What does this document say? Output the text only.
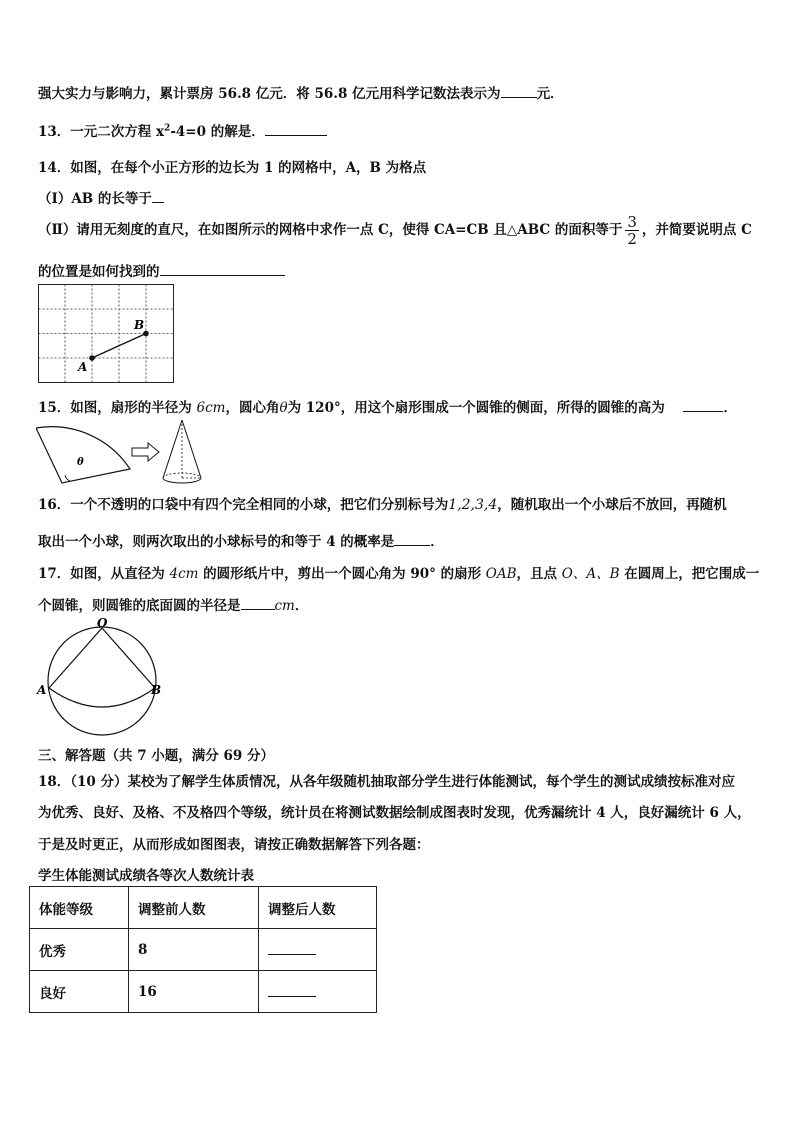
强大实力与影响力，累计票房 56.8 亿元．将 56.8 亿元用科学记数法表示为	元．
13．一元二次方程 $x^2-4=0$ 的解是．
14．如图，在每个小正方形的边长为 1 的网格中，A，B 为格点
（Ⅰ）AB 的长等于
（Ⅱ）请用无刻度的直尺，在如图所示的网格中求作一点 C，使得 CA=CB 且△ABC 的面积等于 $\frac{3}{2}$ ，并简要说明点 C
的位置是如何找到的
A
B
15．如图，扇形的半径为 6cm，圆心角θ为 120°，用这个扇形围成一个圆锥的侧面，所得的圆锥的高为	．
θ
16．一个不透明的口袋中有四个完全相同的小球，把它们分别标号为1,2,3,4，随机取出一个小球后不放回，再随机
取出一个小球，则两次取出的小球标号的和等于 4 的概率是	．
17．如图，从直径为 4cm 的圆形纸片中，剪出一个圆心角为 90° 的扇形 OAB，且点 O、A、B 在圆周上，把它围成一
个圆锥，则圆锥的底面圆的半径是	cm．
O
A	B
三、解答题（共 7 小题，满分 69 分）
18．（10 分）某校为了解学生体质情况，从各年级随机抽取部分学生进行体能测试，每个学生的测试成绩按标准对应
为优秀、良好、及格、不及格四个等级，统计员在将测试数据绘制成图表时发现，优秀漏统计 4 人，良好漏统计 6 人，
于是及时更正，从而形成如图图表，请按正确数据解答下列各题：
学生体能测试成绩各等次人数统计表
体能等级	调整前人数	调整后人数
优秀	8	
良好	16	
